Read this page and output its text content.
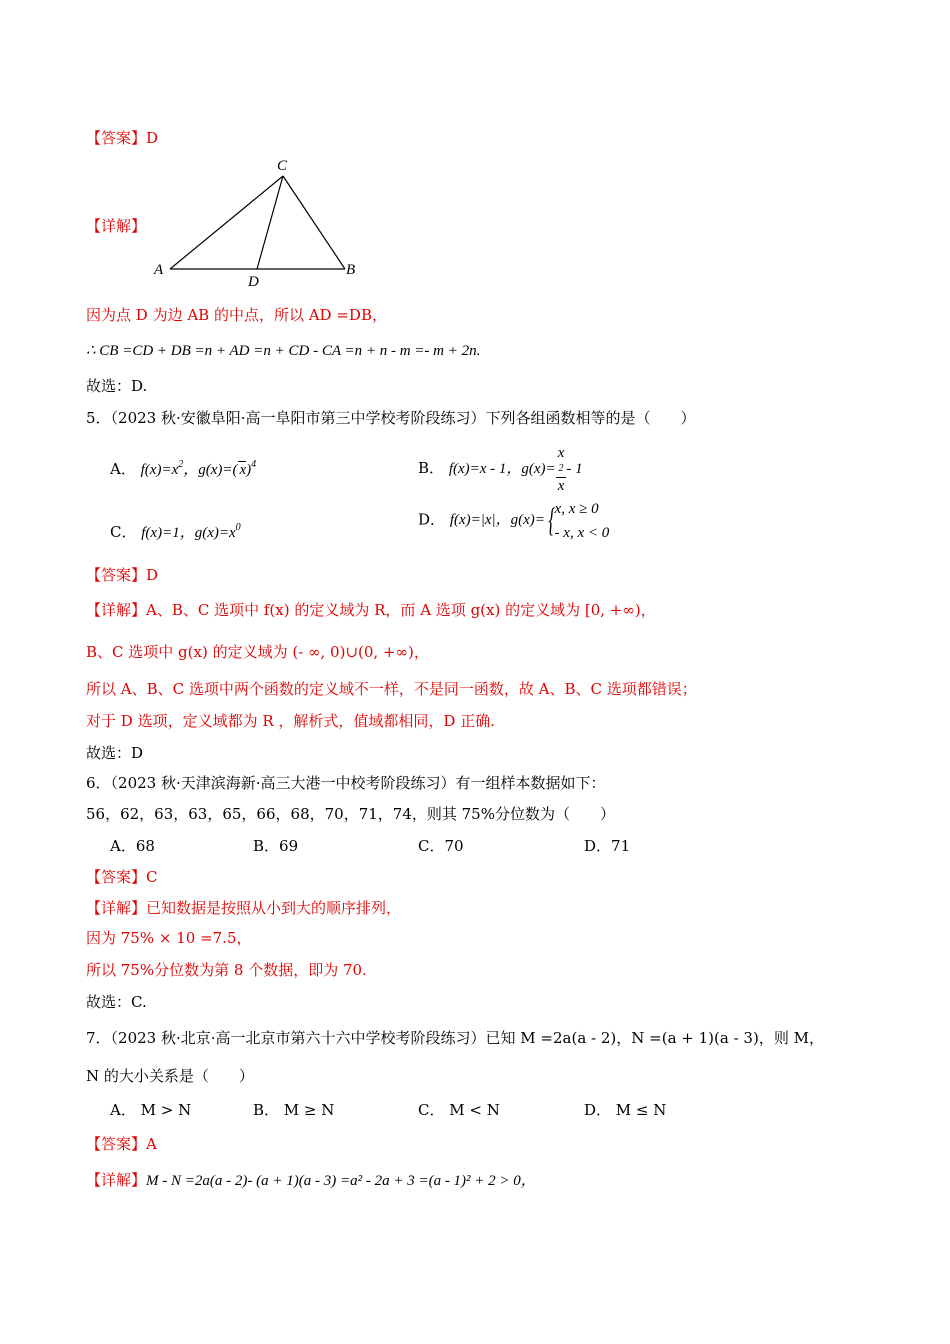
【答案】D
C
A	B
D
【详解】
因为点 D 为边 AB 的中点，所以 AD =DB，
∴ CB =CD + DB =n + AD =n + CD - CA =n + n - m =- m + 2n.
故选：D.
5．（2023 秋·安徽阜阳·高一阜阳市第三中学校考阶段练习）下列各组函数相等的是（　　）
A． $f(x)=x^2$，g(x)=( x)$^4$	B． f(x)=x - 1，g(x)= x
2
x - 1
C． f(x)=1，$g(x)=x^0$	D． f(x)=|x|，g(x)= {x, x ≥ 0
- x, x < 0
【答案】D
【详解】A、B、C 选项中 f(x) 的定义域为 R，而 A 选项 g(x) 的定义域为 [0, +∞)，
B、C 选项中 g(x) 的定义域为 (- ∞, 0)∪(0, +∞)，
所以 A、B、C 选项中两个函数的定义域不一样，不是同一函数，故 A、B、C 选项都错误；
对于 D 选项，定义域都为 R ，解析式，值域都相同，D 正确.
故选：D
6．（2023 秋·天津滨海新·高三大港一中校考阶段练习）有一组样本数据如下：
56，62，63，63，65，66，68，70，71，74，则其 75%分位数为（　　）
A．68	B．69	C．70	D．71
【答案】C
【详解】已知数据是按照从小到大的顺序排列，
因为 75% × 10 =7.5，
所以 75%分位数为第 8 个数据，即为 70.
故选：C.
7．（2023 秋·北京·高一北京市第六十六中学校考阶段练习）已知 M =2a(a - 2)，N =(a + 1)(a - 3)，则 M，
N 的大小关系是（　　）
A． M > N	B． M ≥ N	C． M < N	D． M ≤ N
【答案】A
【详解】M - N =2a(a - 2)- (a + 1)(a - 3) =a² - 2a + 3 =(a - 1)² + 2 > 0，
